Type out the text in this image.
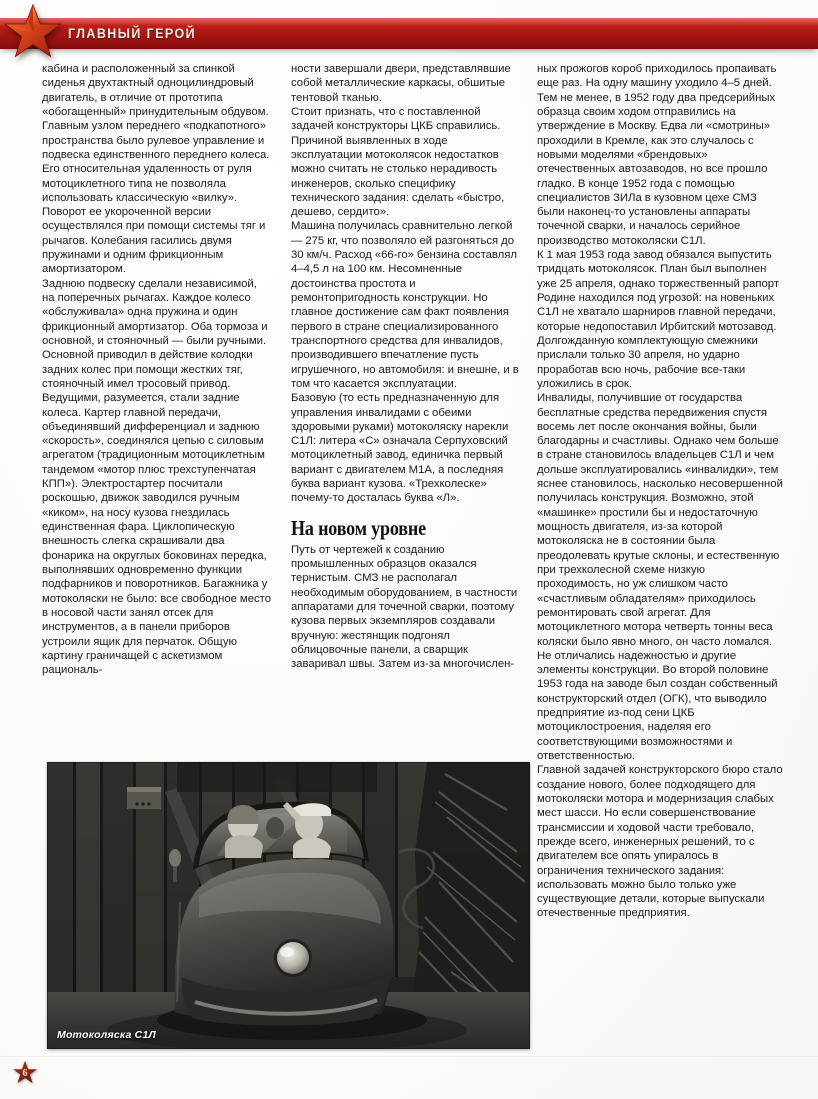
ГЛАВНЫЙ ГЕРОЙ

кабина и расположенный за спинкой сиденья двухтактный одноцилиндровый двигатель, в отличие от прототипа «обогащенный» принудительным обдувом. Главным узлом переднего «подкапотного» пространства было рулевое управление и подвеска единственного переднего колеса. Его относительная удаленность от руля мотоциклетного типа не позволяла использовать классическую «вилку». Поворот ее укороченной версии осуществлялся при помощи системы тяг и рычагов. Колебания гасились двумя пружинами и одним фрикционным амортизатором.

Заднюю подвеску сделали независимой, на поперечных рычагах. Каждое колесо «обслуживала» одна пружина и один фрикционный амортизатор. Оба тормоза и основной, и стояночный — были ручными. Основной приводил в действие колодки задних колес при помощи жестких тяг, стояночный имел тросовый привод. Ведущими, разумеется, стали задние колеса. Картер главной передачи, объединявший дифференциал и заднюю «скорость», соединялся цепью с силовым агрегатом (традиционным мотоциклетным тандемом «мотор плюс трехступенчатая КПП»). Электростартер посчитали роскошью, движок заводился ручным «киком», на носу кузова гнездилась единственная фара. Циклопическую внешность слегка скрашивали два фонарика на округлых боковинах передка, выполнявших одновременно функции подфарников и поворотников. Багажника у мотоколяски не было: все свободное место в носовой части занял отсек для инструментов, а в панели приборов устроили ящик для перчаток. Общую картину граничащей с аскетизмом рациональ-

ности завершали двери, представлявшие собой металлические каркасы, обшитые тентовой тканью.

Стоит признать, что с поставленной задачей конструкторы ЦКБ справились. Причиной выявленных в ходе эксплуатации мотоколясок недостатков можно считать не столько нерадивость инженеров, сколько специфику технического задания: сделать «быстро, дешево, сердито».

Машина получилась сравнительно легкой — 275 кг, что позволяло ей разгоняться до 30 км/ч. Расход «66-го» бензина составлял 4–4,5 л на 100 км. Несомненные достоинства простота и ремонтопригодность конструкции. Но главное достижение сам факт появления первого в стране специализированного транспортного средства для инвалидов, производившего впечатление пусть игрушечного, но автомобиля: и внешне, и в том что касается эксплуатации.

Базовую (то есть предназначенную для управления инвалидами с обеими здоровыми руками) мотоколяску нарекли С1Л: литера «С» означала Серпуховский мотоциклетный завод, единичка первый вариант с двигателем М1А, а последняя буква вариант кузова. «Трехколеске» почему-то досталась буква «Л».

На новом уровне

Путь от чертежей к созданию промышленных образцов оказался тернистым. СМЗ не располагал необходимым оборудованием, в частности аппаратами для точечной сварки, поэтому кузова первых экземпляров создавали вручную: жестянщик подгонял облицовочные панели, а сварщик заваривал швы. Затем из-за многочислен-

ных прожогов короб приходилось пропаивать еще раз. На одну машину уходило 4–5 дней. Тем не менее, в 1952 году два предсерийных образца своим ходом отправились на утверждение в Москву. Едва ли «смотрины» проходили в Кремле, как это случалось с новыми моделями «брендовых» отечественных автозаводов, но все прошло гладко. В конце 1952 года с помощью специалистов ЗИЛа в кузовном цехе СМЗ были наконец-то установлены аппараты точечной сварки, и началось серийное производство мотоколяски С1Л.

К 1 мая 1953 года завод обязался выпустить тридцать мотоколясок. План был выполнен уже 25 апреля, однако торжественный рапорт Родине находился под угрозой: на новеньких С1Л не хватало шарниров главной передачи, которые недопоставил Ирбитский мотозавод. Долгожданную комплектующую смежники прислали только 30 апреля, но ударно проработав всю ночь, рабочие все-таки уложились в срок.

Инвалиды, получившие от государства бесплатные средства передвижения спустя восемь лет после окончания войны, были благодарны и счастливы. Однако чем больше в стране становилось владельцев С1Л и чем дольше эксплуатировались «инвалидки», тем яснее становилось, насколько несовершенной получилась конструкция. Возможно, этой «машинке» простили бы и недостаточную мощность двигателя, из-за которой мотоколяска не в состоянии была преодолевать крутые склоны, и естественную при трехколесной схеме низкую проходимость, но уж слишком часто «счастливым обладателям» приходилось ремонтировать свой агрегат. Для мотоциклетного мотора четверть тонны веса коляски было явно много, он часто ломался. Не отличались надежностью и другие элементы конструкции. Во второй половине 1953 года на заводе был создан собственный конструкторский отдел (ОГК), что выводило предприятие из-под сени ЦКБ мотоциклостроения, наделяя его соответствующими возможностями и ответственностью.

Главной задачей конструкторского бюро стало создание нового, более подходящего для мотоколяски мотора и модернизация слабых мест шасси. Но если совершенствование трансмиссии и ходовой части требовало, прежде всего, инженерных решений, то с двигателем все опять упиралось в ограничения технического задания: использовать можно было только уже существующие детали, которые выпускали отечественные предприятия.

Мотоколяска С1Л
6
